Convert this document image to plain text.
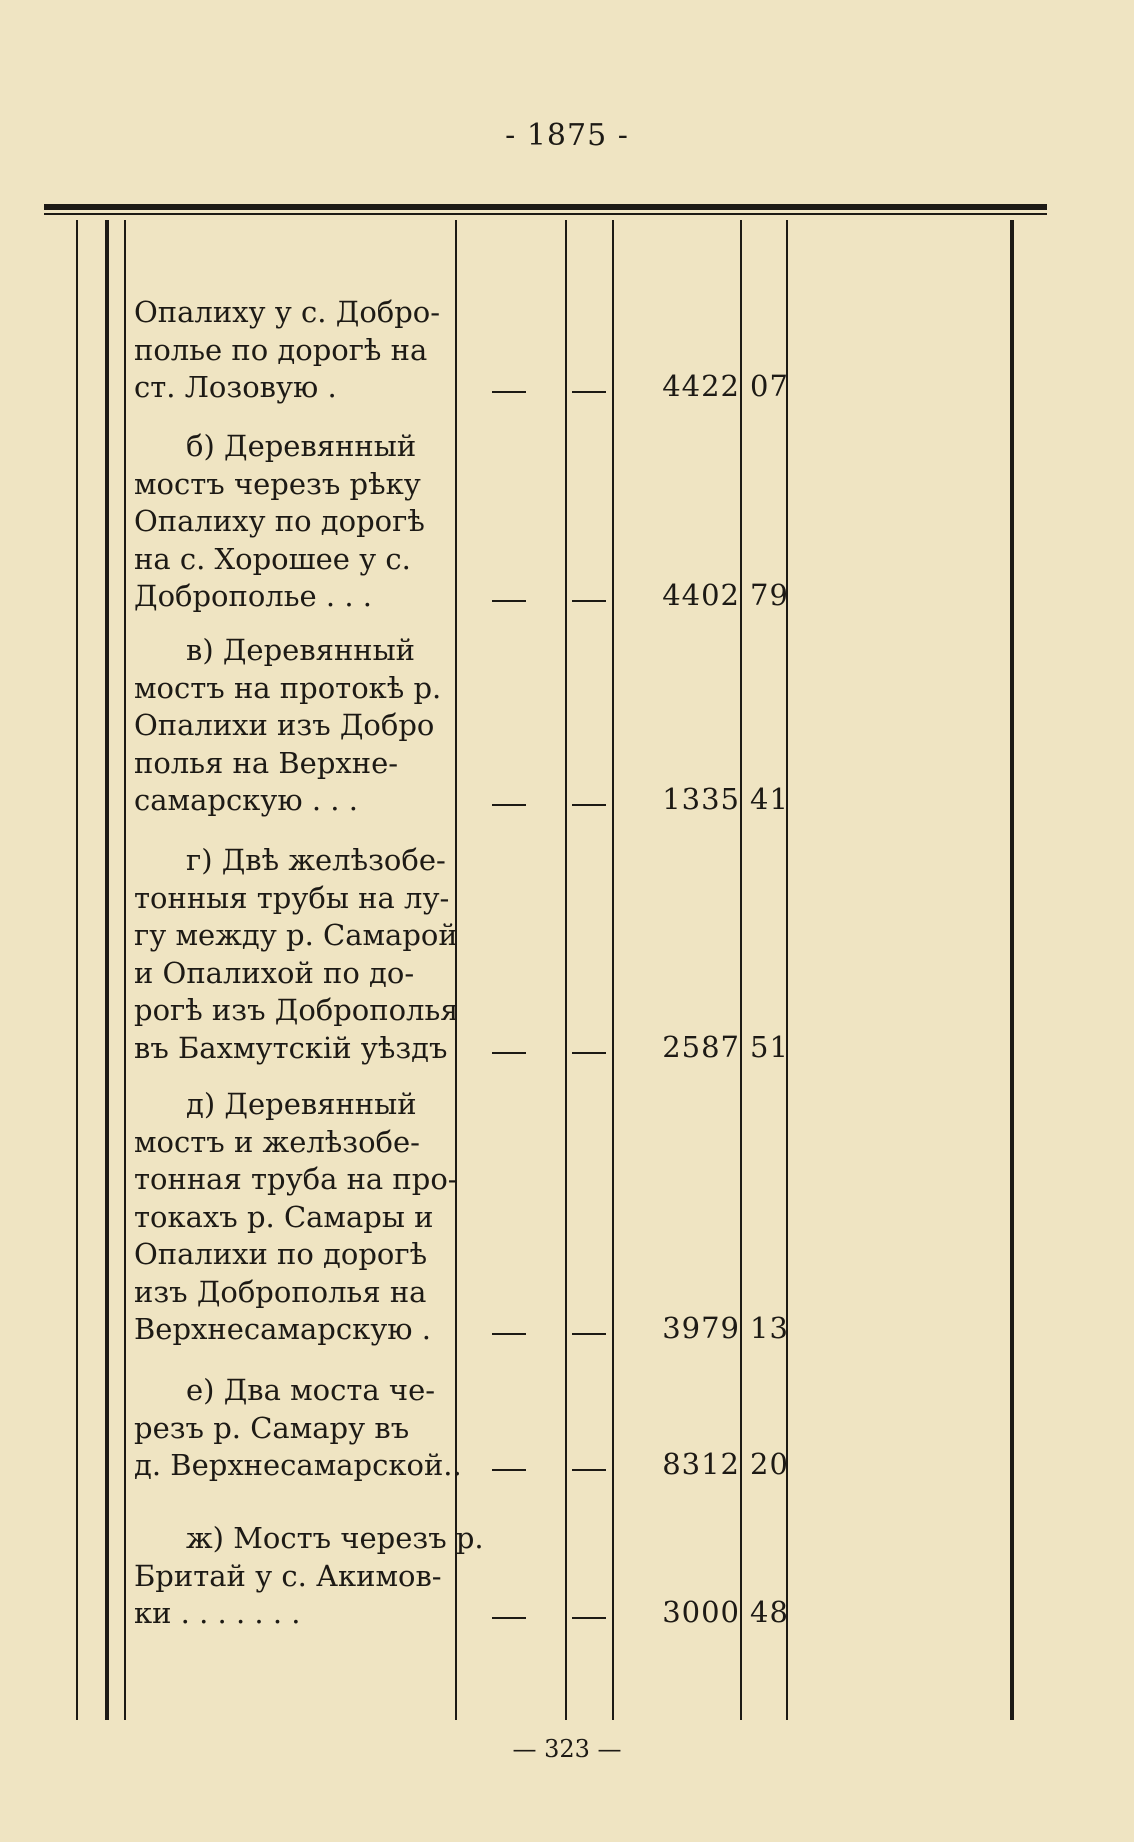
- 1875 -
Опалиху у с. Добро-
полье по дорогѣ на
ст. Лозовую .	4422 07
б) Деревянный
мостъ черезъ рѣку
Опалиху по дорогѣ
на с. Хорошее у с.
Доброполье . . .	4402 79
в) Деревянный
мостъ на протокѣ р.
Опалихи изъ Добро
полья на Верхне-
самарскую . . .	1335 41
г) Двѣ желѣзобе-
тонныя трубы на лу-
гу между р. Самарой
и Опалихой по до-
рогѣ изъ Доброполья
въ Бахмутскій уѣздъ	2587 51
д) Деревянный
мостъ и желѣзобе-
тонная труба на про-
токахъ р. Самары и
Опалихи по дорогѣ
изъ Доброполья на
Верхнесамарскую .	3979 13
е) Два моста че-
резъ р. Самару въ
д. Верхнесамарской..	8312 20
ж) Мостъ черезъ р.
Бритай у с. Акимов-
ки . . . . . . .	3000 48
— 323 —
